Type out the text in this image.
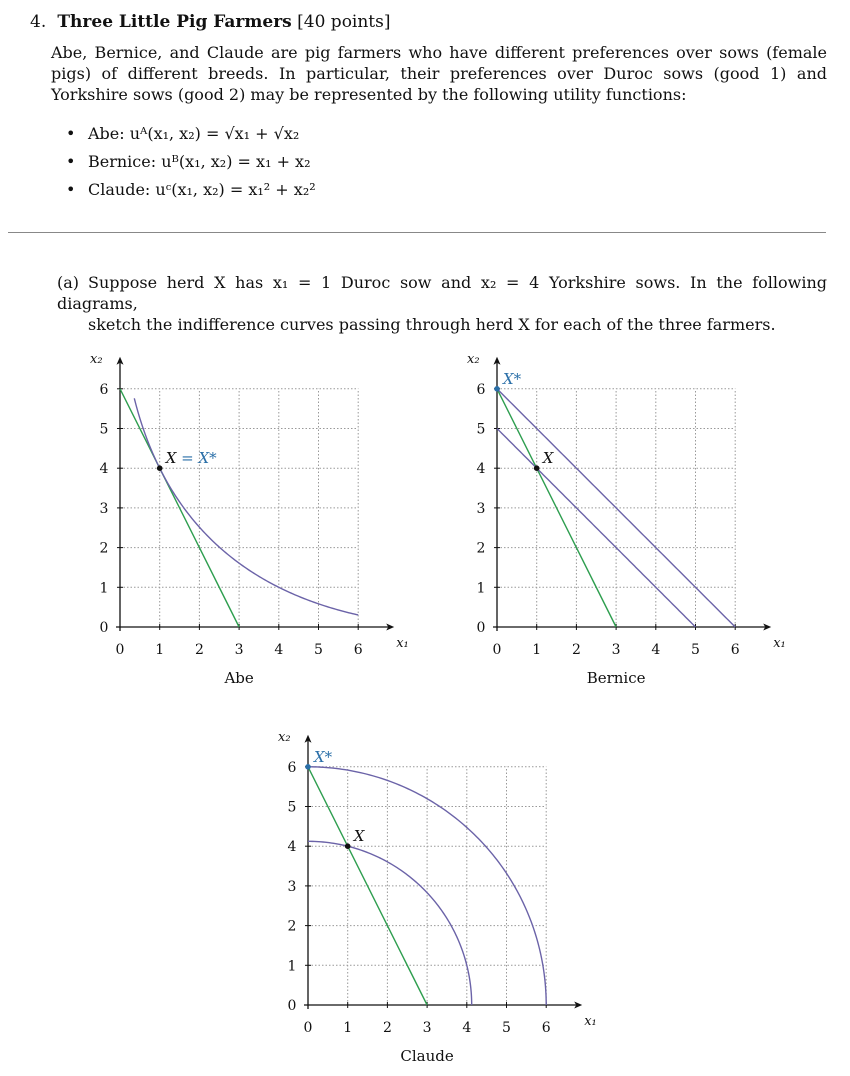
4. Three Little Pig Farmers [40 points]
Abe, Bernice, and Claude are pig farmers who have different preferences over sows (female pigs) of different breeds. In particular, their preferences over Duroc sows (good 1) and Yorkshire sows (good 2) may be represented by the following utility functions:
• Abe: uᴬ(x₁, x₂) = √x₁ + √x₂
• Bernice: uᴮ(x₁, x₂) = x₁ + x₂
• Claude: uᶜ(x₁, x₂) = x₁² + x₂²
(a) Suppose herd X has x₁ = 1 Duroc sow and x₂ = 4 Yorkshire sows. In the following diagrams,
sketch the indifference curves passing through herd X for each of the three farmers.
0 1 2 3 4 5 6
0
1
2
3
4
5
6
x₁
x₂
X = X*
Abe
0 1 2 3 4 5 6
0
1
2
3
4
5
6
x₁
x₂
X
X*
Bernice
0 1 2 3 4 5 6
0
1
2
3
4
5
6
x₁
x₂
X
X*
Claude
